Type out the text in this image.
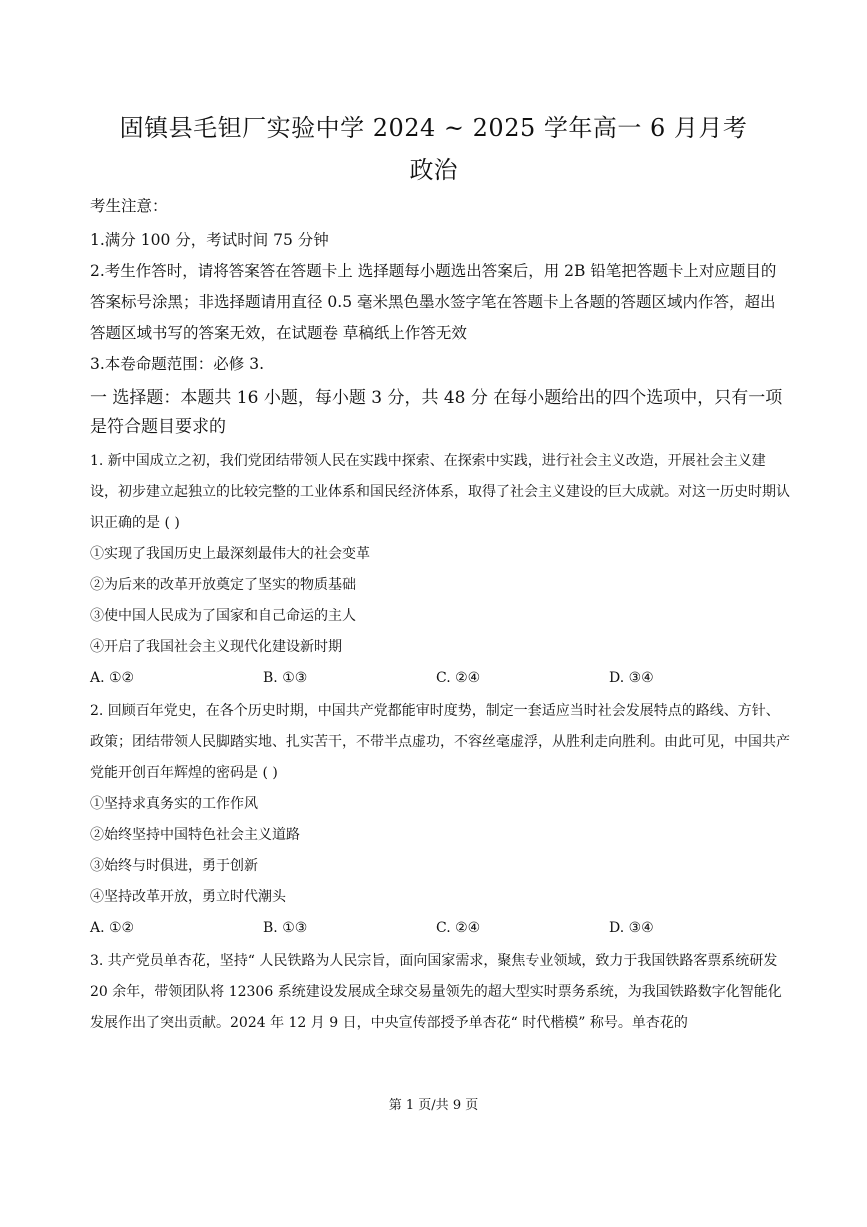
固镇县毛钽厂实验中学 2024 ~ 2025 学年高一 6 月月考
政治

考生注意：

1.满分 100 分，考试时间 75 分钟

2.考生作答时，请将答案答在答题卡上 选择题每小题选出答案后，用 2B 铅笔把答题卡上对应题目的答案标号涂黑；非选择题请用直径 0.5 毫米黑色墨水签字笔在答题卡上各题的答题区域内作答，超出答题区域书写的答案无效，在试题卷 草稿纸上作答无效

3.本卷命题范围：必修 3.

一 选择题：本题共 16 小题，每小题 3 分，共 48 分 在每小题给出的四个选项中，只有一项是符合题目要求的

1. 新中国成立之初，我们党团结带领人民在实践中探索、在探索中实践，进行社会主义改造，开展社会主义建设，初步建立起独立的比较完整的工业体系和国民经济体系，取得了社会主义建设的巨大成就。对这一历史时期认识正确的是 ( )

①实现了我国历史上最深刻最伟大的社会变革

②为后来的改革开放奠定了坚实的物质基础

③使中国人民成为了国家和自己命运的主人

④开启了我国社会主义现代化建设新时期

A. ①②	B. ①③	C. ②④	D. ③④

2. 回顾百年党史，在各个历史时期，中国共产党都能审时度势，制定一套适应当时社会发展特点的路线、方针、政策；团结带领人民脚踏实地、扎实苦干，不带半点虚功，不容丝毫虚浮，从胜利走向胜利。由此可见，中国共产党能开创百年辉煌的密码是 ( )

①坚持求真务实的工作作风

②始终坚持中国特色社会主义道路

③始终与时俱进，勇于创新

④坚持改革开放，勇立时代潮头

A. ①②	B. ①③	C. ②④	D. ③④

3. 共产党员单杏花，坚持“ 人民铁路为人民宗旨，面向国家需求，聚焦专业领域，致力于我国铁路客票系统研发 20 余年，带领团队将 12306 系统建设发展成全球交易量领先的超大型实时票务系统，为我国铁路数字化智能化发展作出了突出贡献。2024 年 12 月 9 日，中央宣传部授予单杏花“ 时代楷模” 称号。单杏花的

第 1 页/共 9 页
